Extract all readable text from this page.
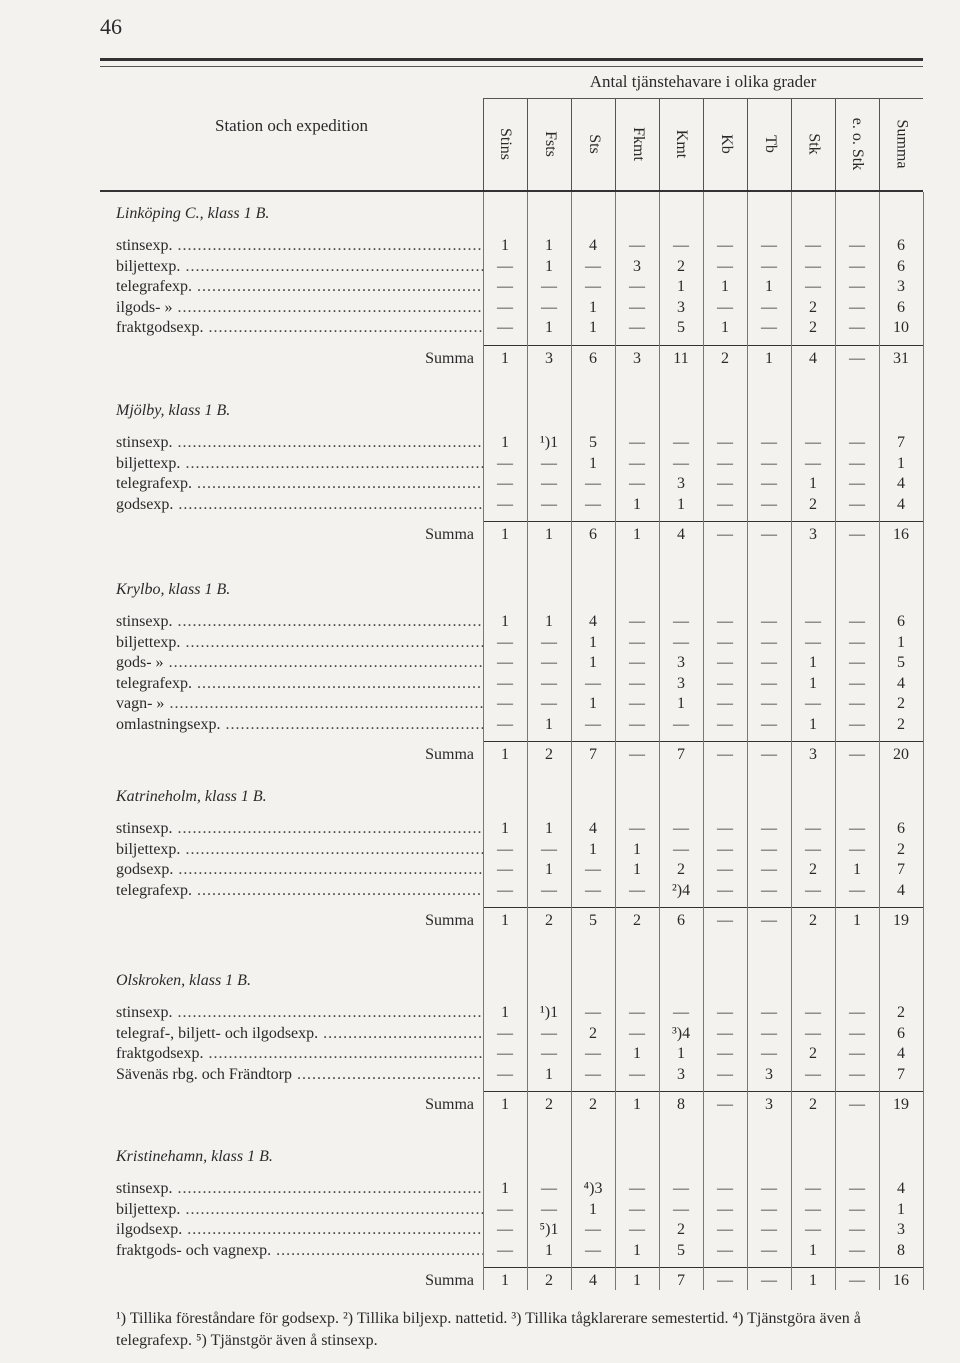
46
Station och expedition
Antal tjänstehavare i olika grader
Stins Fsts Sts Fkmt Kmt Kb Tb Stk e. o. Stk Summa
Linköping C., klass 1 B.
stinsexp. .....	1	1	4	—	—	—	—	—	—	6
biljettexp. .....	—	1	—	3	2	—	—	—	—	6
telegrafexp. .....	—	—	—	—	1	1	1	—	—	3
ilgods- » .....	—	—	1	—	3	—	—	2	—	6
fraktgodsexp. .....	—	1	1	—	5	1	—	2	—	10
Summa	1	3	6	3	11	2	1	4	—	31
Mjölby, klass 1 B.
stinsexp. .....	1	¹)1	5	—	—	—	—	—	—	7
biljettexp. .....	—	—	1	—	—	—	—	—	—	1
telegrafexp. .....	—	—	—	—	3	—	—	1	—	4
godsexp. .....	—	—	—	1	1	—	—	2	—	4
Summa	1	1	6	1	4	—	—	3	—	16
Krylbo, klass 1 B.
stinsexp. .....	1	1	4	—	—	—	—	—	—	6
biljettexp. .....	—	—	1	—	—	—	—	—	—	1
gods- » .....	—	—	1	—	3	—	—	1	—	5
telegrafexp. .....	—	—	—	—	3	—	—	1	—	4
vagn- » .....	—	—	1	—	1	—	—	—	—	2
omlastningsexp. .....	—	1	—	—	—	—	—	1	—	2
Summa	1	2	7	—	7	—	—	3	—	20
Katrineholm, klass 1 B.
stinsexp. .....	1	1	4	—	—	—	—	—	—	6
biljettexp. .....	—	—	1	1	—	—	—	—	—	2
godsexp. .....	—	1	—	1	2	—	—	2	1	7
telegrafexp. .....	—	—	—	—	²)4	—	—	—	—	4
Summa	1	2	5	2	6	—	—	2	1	19
Olskroken, klass 1 B.
stinsexp. .....	1	¹)1	—	—	—	—	—	—	—	2
telegraf-, biljett- och ilgodsexp. .....	—	—	2	—	³)4	—	—	—	—	6
fraktgodsexp. .....	—	—	—	1	1	—	—	2	—	4
Sävenäs rbg. och Frändtorp .....	—	1	—	—	3	—	3	—	—	7
Summa	1	2	2	1	8	—	3	2	—	19
Kristinehamn, klass 1 B.
stinsexp. .....	1	—	⁴)3	—	—	—	—	—	—	4
biljettexp. .....	—	—	1	—	—	—	—	—	—	1
ilgodsexp. .....	—	⁵)1	—	—	2	—	—	—	—	3
fraktgods- och vagnexp. .....	—	1	—	1	5	—	—	1	—	8
Summa	1	2	4	1	7	—	—	1	—	16
¹) Tillika föreståndare för godsexp. ²) Tillika biljexp. nattetid. ³) Tillika tågklarerare semestertid. ⁴) Tjänstgöra även å telegrafexp. ⁵) Tjänstgör även å stinsexp.
